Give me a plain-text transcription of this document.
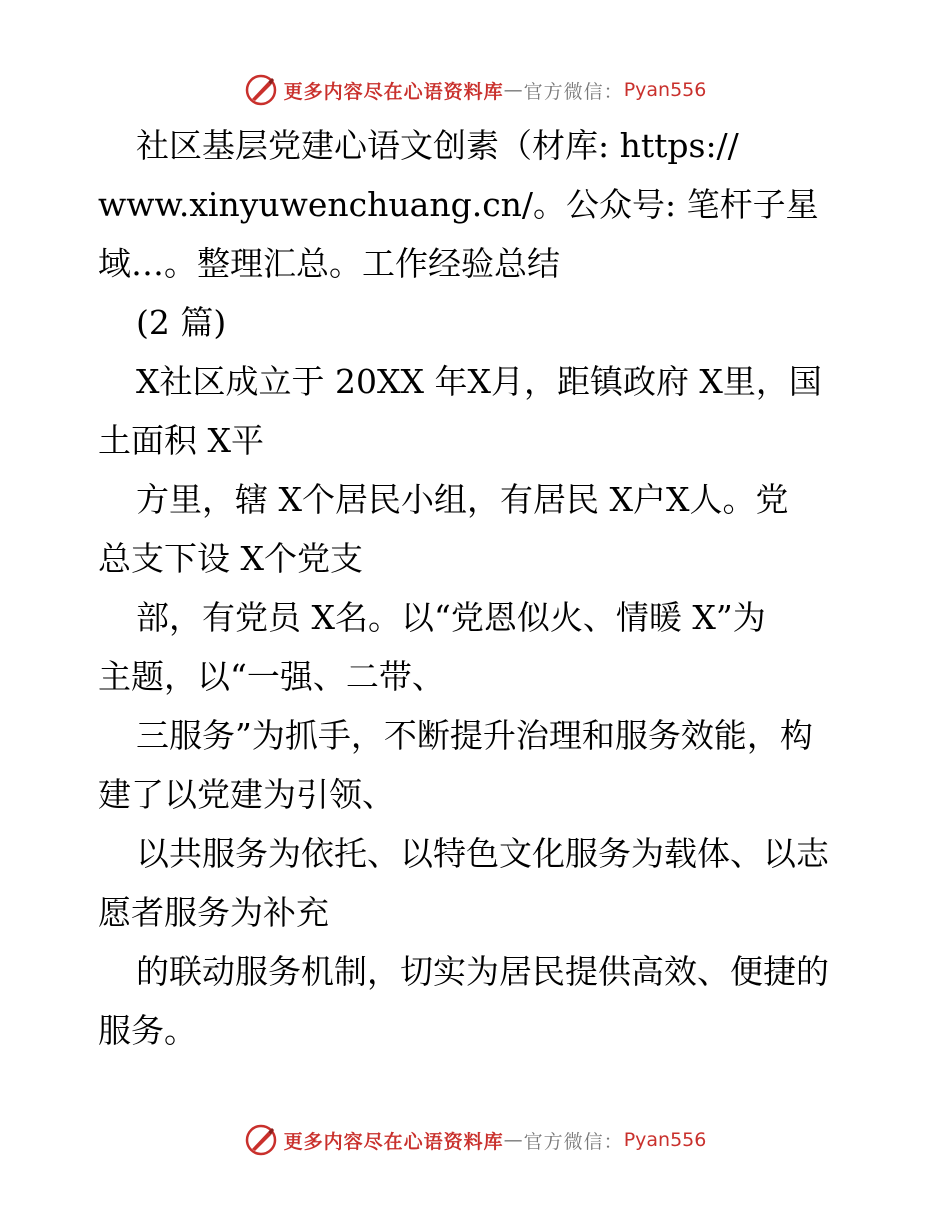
更多内容尽在心语资料库 — 官方微信： Pyan556
社区基层党建心语文创素（材库: https://
www.xinyuwenchuang.cn/。公众号: 笔杆子星
域…。整理汇总。工作经验总结
(2 篇)
X社区成立于 20XX 年X月，距镇政府 X里，国
土面积 X平
方里，辖 X个居民小组，有居民 X户X人。党
总支下设 X个党支
部，有党员 X名。以“党恩似火、情暖 X”为
主题，以“一强、二带、
三服务”为抓手，不断提升治理和服务效能，构
建了以党建为引领、
以共服务为依托、以特色文化服务为载体、以志
愿者服务为补充
的联动服务机制，切实为居民提供高效、便捷的
服务。
更多内容尽在心语资料库 — 官方微信： Pyan556
